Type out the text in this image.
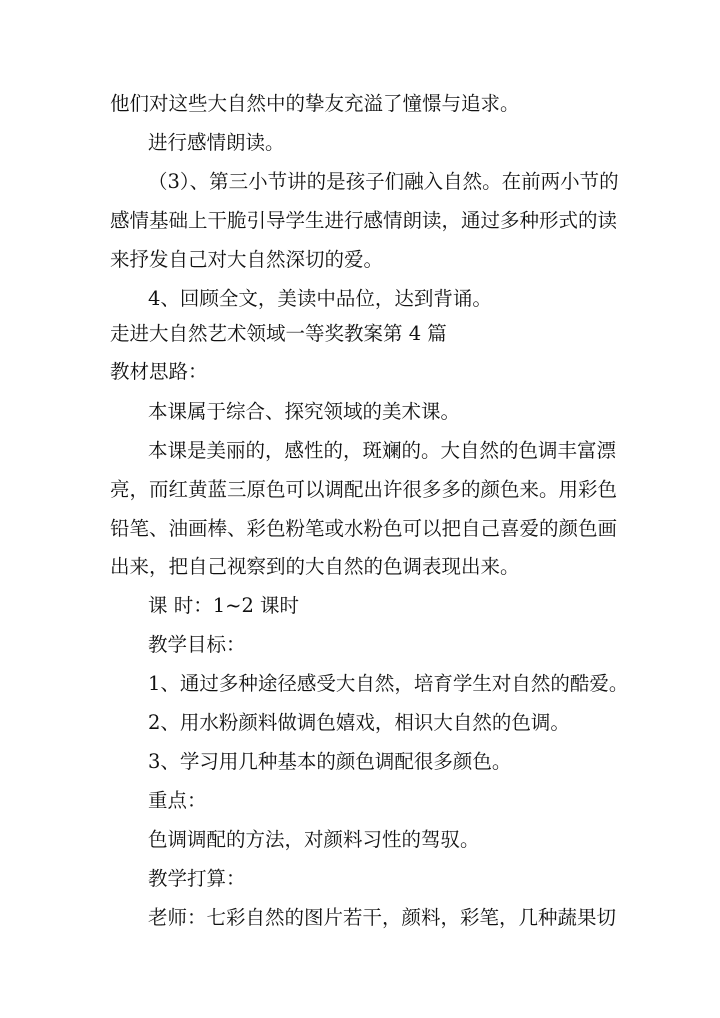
他们对这些大自然中的挚友充溢了憧憬与追求。
进行感情朗读。
（3）、第三小节讲的是孩子们融入自然。在前两小节的
感情基础上干脆引导学生进行感情朗读，通过多种形式的读
来抒发自己对大自然深切的爱。
4、回顾全文，美读中品位，达到背诵。
走进大自然艺术领域一等奖教案第 4 篇
教材思路：
本课属于综合、探究领域的美术课。
本课是美丽的，感性的，斑斓的。大自然的色调丰富漂
亮，而红黄蓝三原色可以调配出许很多多的颜色来。用彩色
铅笔、油画棒、彩色粉笔或水粉色可以把自己喜爱的颜色画
出来，把自己视察到的大自然的色调表现出来。
课 时：1~2 课时
教学目标：
1、通过多种途径感受大自然，培育学生对自然的酷爱。
2、用水粉颜料做调色嬉戏，相识大自然的色调。
3、学习用几种基本的颜色调配很多颜色。
重点：
色调调配的方法，对颜料习性的驾驭。
教学打算：
老师：七彩自然的图片若干，颜料，彩笔，几种蔬果切
